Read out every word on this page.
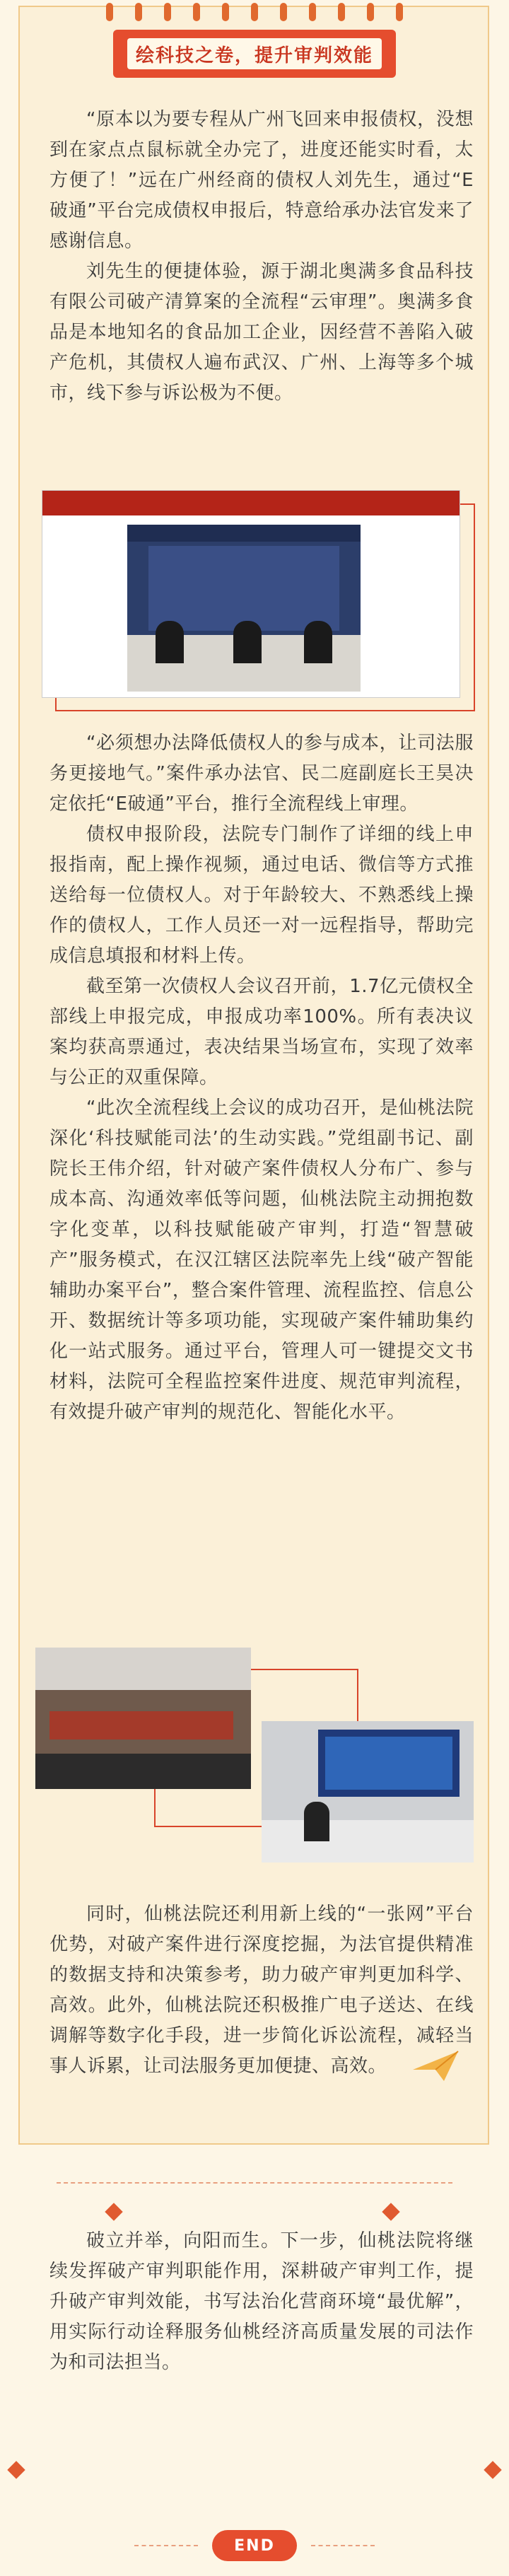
绘科技之卷，提升审判效能

“原本以为要专程从广州飞回来申报债权，没想到在家点点鼠标就全办完了，进度还能实时看，太方便了！”远在广州经商的债权人刘先生，通过“E破通”平台完成债权申报后，特意给承办法官发来了感谢信息。

刘先生的便捷体验，源于湖北奥满多食品科技有限公司破产清算案的全流程“云审理”。奥满多食品是本地知名的食品加工企业，因经营不善陷入破产危机，其债权人遍布武汉、广州、上海等多个城市，线下参与诉讼极为不便。

“必须想办法降低债权人的参与成本，让司法服务更接地气。”案件承办法官、民二庭副庭长王昊决定依托“E破通”平台，推行全流程线上审理。

债权申报阶段，法院专门制作了详细的线上申报指南，配上操作视频，通过电话、微信等方式推送给每一位债权人。对于年龄较大、不熟悉线上操作的债权人，工作人员还一对一远程指导，帮助完成信息填报和材料上传。

截至第一次债权人会议召开前，1.7亿元债权全部线上申报完成，申报成功率100%。所有表决议案均获高票通过，表决结果当场宣布，实现了效率与公正的双重保障。

“此次全流程线上会议的成功召开，是仙桃法院深化‘科技赋能司法’的生动实践。”党组副书记、副院长王伟介绍，针对破产案件债权人分布广、参与成本高、沟通效率低等问题，仙桃法院主动拥抱数字化变革，以科技赋能破产审判，打造“智慧破产”服务模式，在汉江辖区法院率先上线“破产智能辅助办案平台”，整合案件管理、流程监控、信息公开、数据统计等多项功能，实现破产案件辅助集约化一站式服务。通过平台，管理人可一键提交文书材料，法院可全程监控案件进度、规范审判流程，有效提升破产审判的规范化、智能化水平。

同时，仙桃法院还利用新上线的“一张网”平台优势，对破产案件进行深度挖掘，为法官提供精准的数据支持和决策参考，助力破产审判更加科学、高效。此外，仙桃法院还积极推广电子送达、在线调解等数字化手段，进一步简化诉讼流程，减轻当事人诉累，让司法服务更加便捷、高效。

破立并举，向阳而生。下一步，仙桃法院将继续发挥破产审判职能作用，深耕破产审判工作，提升破产审判效能，书写法治化营商环境“最优解”，用实际行动诠释服务仙桃经济高质量发展的司法作为和司法担当。

END
